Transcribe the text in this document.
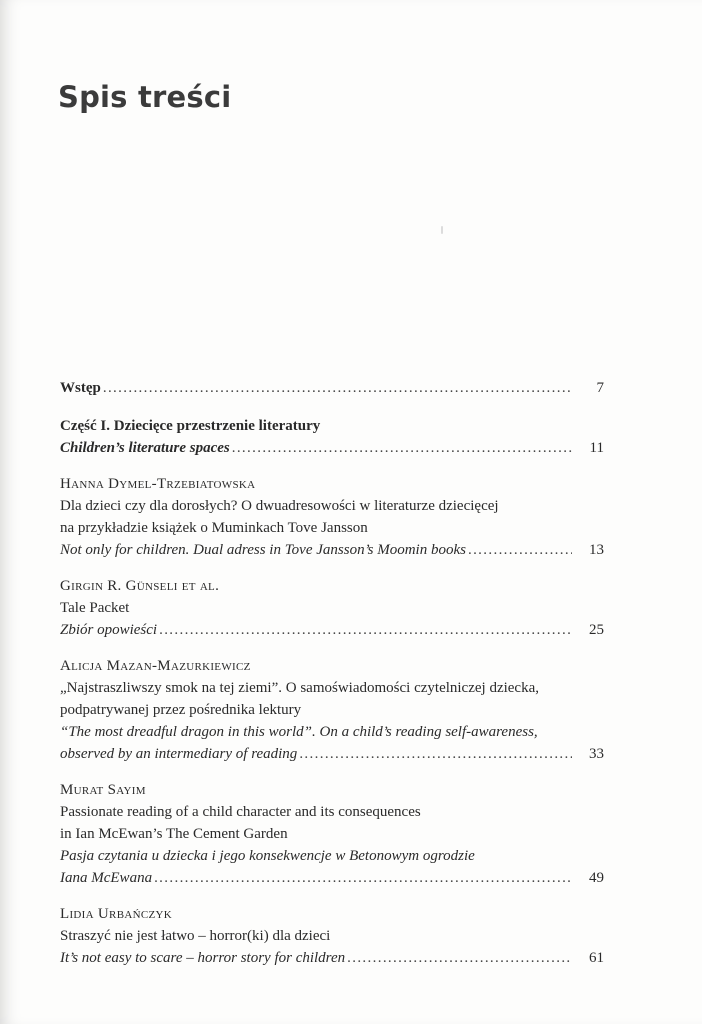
Spis treści
Wstęp . . .	7
Część I. Dziecięce przestrzenie literatury
Children’s literature spaces . . .	11
Hanna Dymel-Trzebiatowska
Dla dzieci czy dla dorosłych? O dwuadresowości w literaturze dziecięcej
na przykładzie książek o Muminkach Tove Jansson
Not only for children. Dual adress in Tove Jansson’s Moomin books . . .	13
Girgin R. Günseli et al.
Tale Packet
Zbiór opowieści . . .	25
Alicja Mazan-Mazurkiewicz
„Najstraszliwszy smok na tej ziemi”. O samoświadomości czytelniczej dziecka,
podpatrywanej przez pośrednika lektury
“The most dreadful dragon in this world”. On a child’s reading self-awareness,
observed by an intermediary of reading . . .	33
Murat Sayim
Passionate reading of a child character and its consequences
in Ian McEwan’s The Cement Garden
Pasja czytania u dziecka i jego konsekwencje w Betonowym ogrodzie
Iana McEwana . . .	49
Lidia Urbańczyk
Straszyć nie jest łatwo – horror(ki) dla dzieci
It’s not easy to scare – horror story for children . . .	61
